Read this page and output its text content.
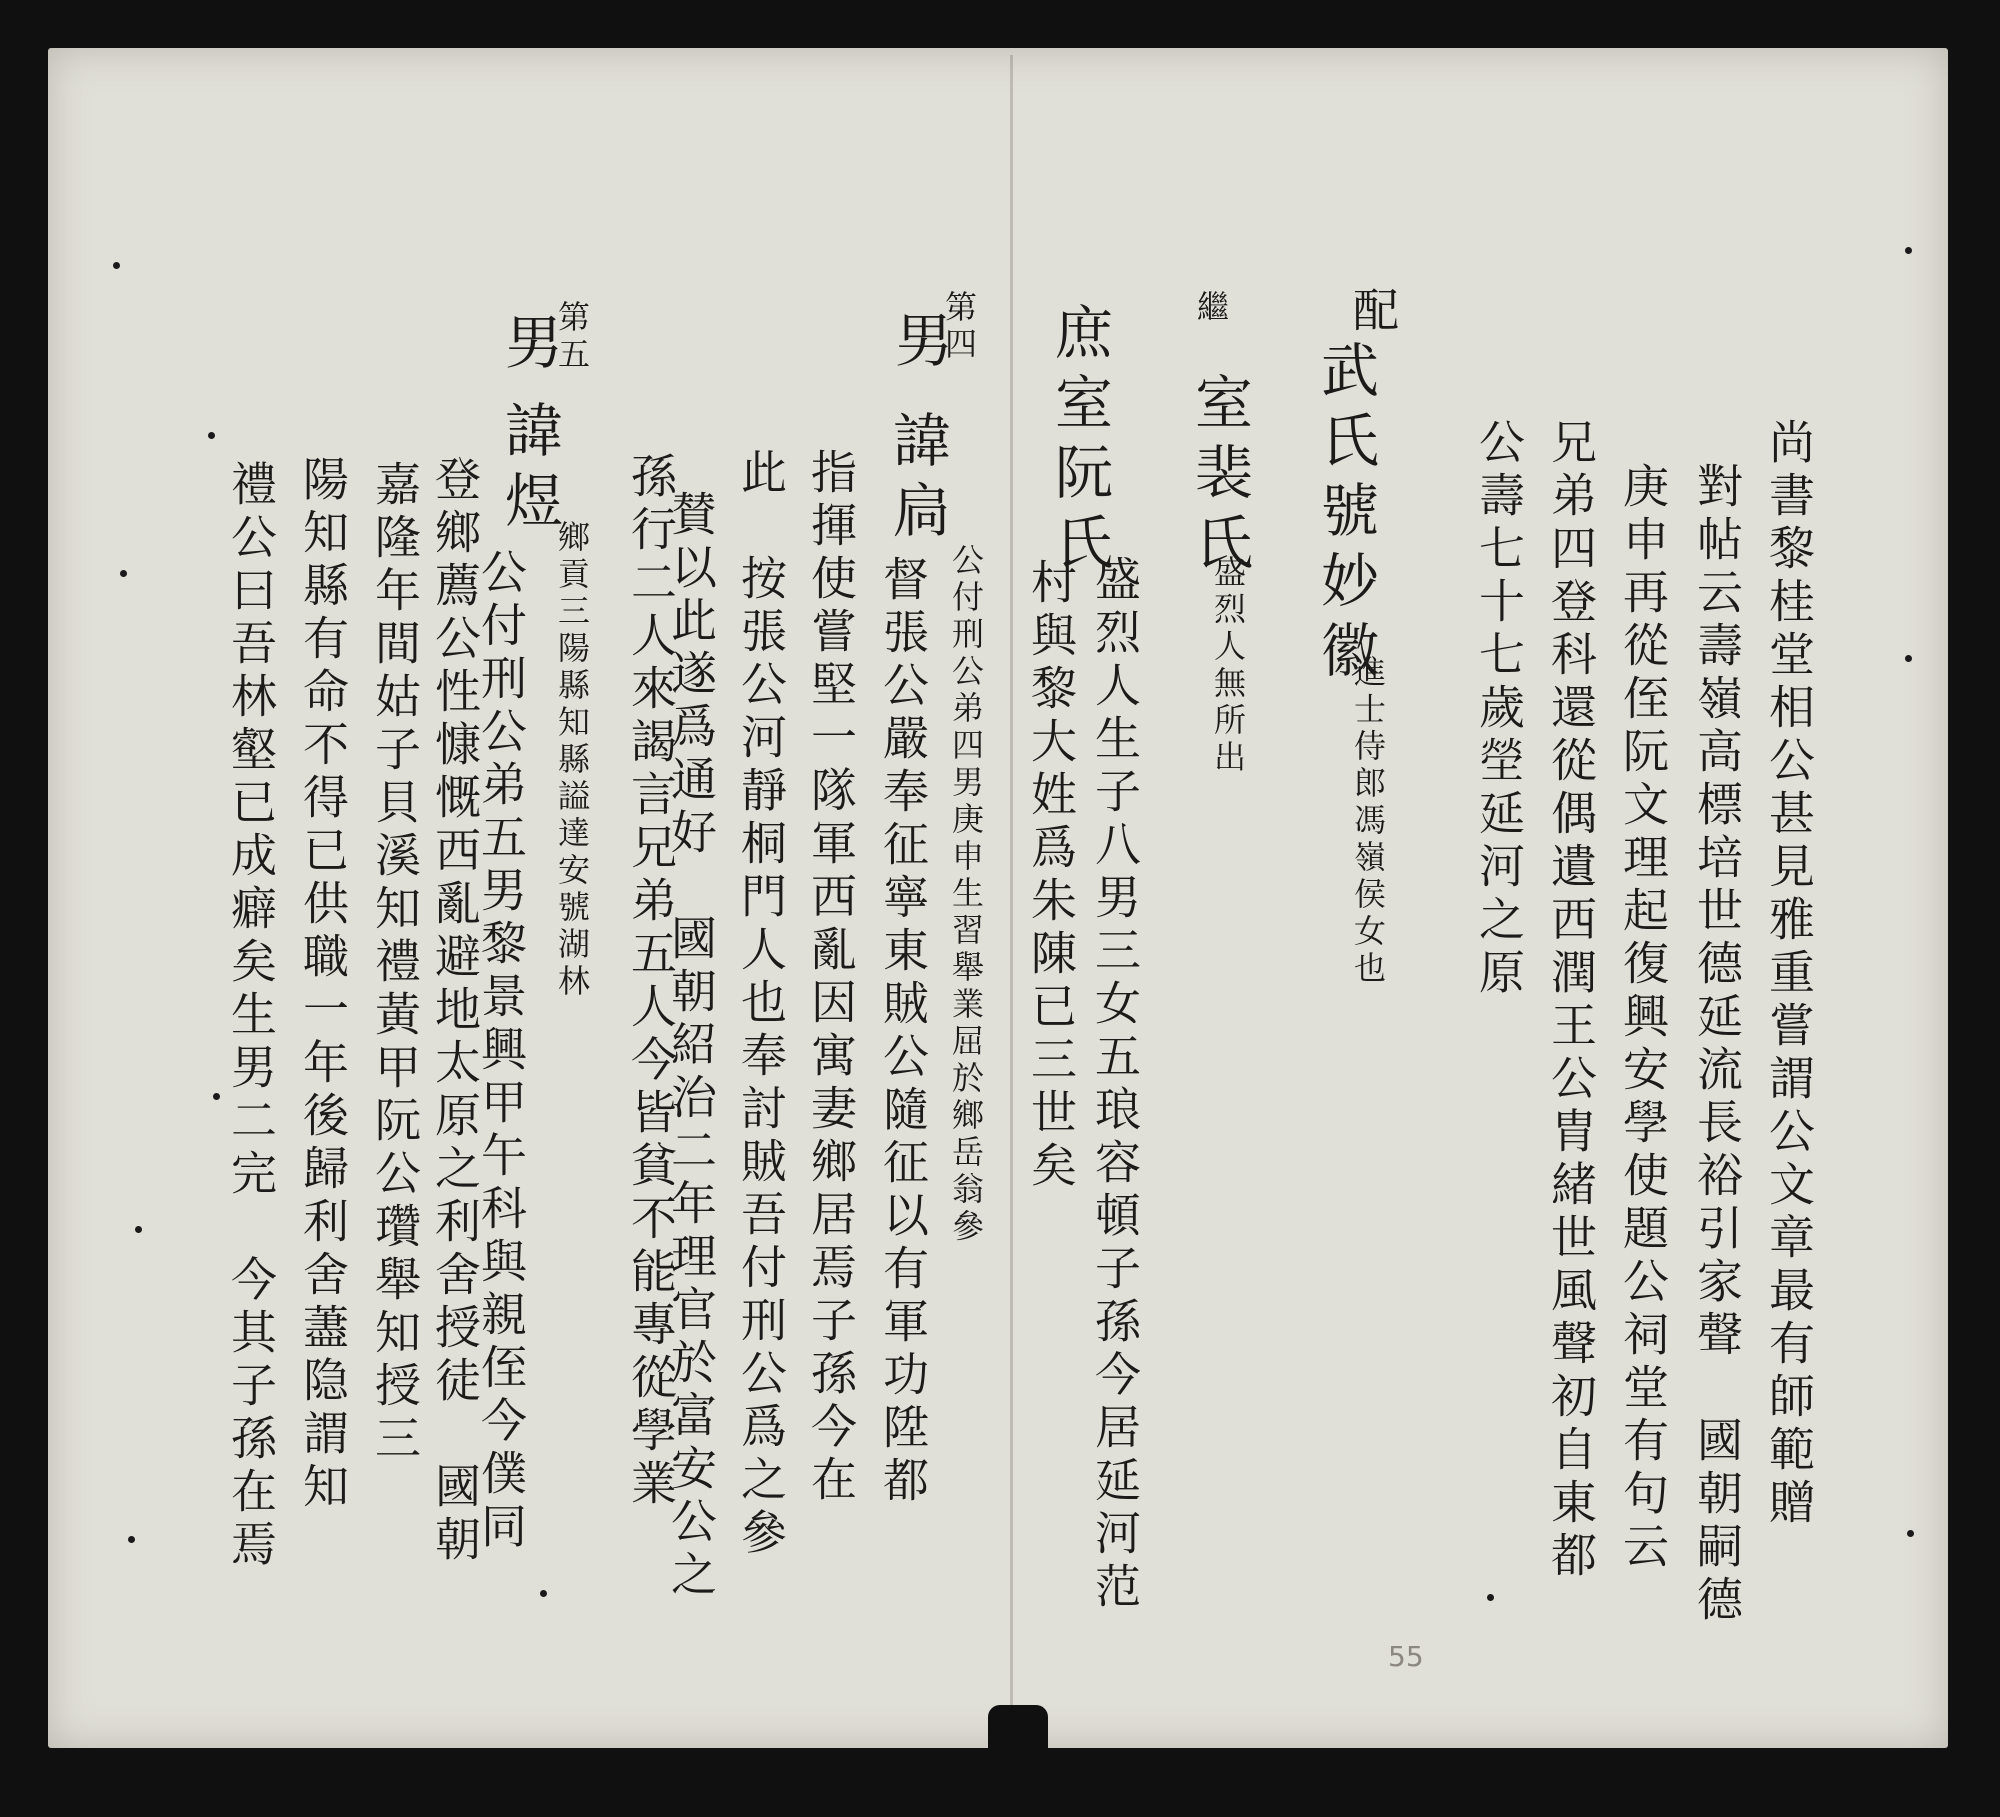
尚書黎桂堂相公甚見雅重嘗謂公文章最有師範贈
對帖云壽嶺高標培世德延流長裕引家聲　國朝嗣德
庚申再從侄阮文理起復興安學使題公祠堂有句云
兄弟四登科還從偶遺西潤王公胄緒世風聲初自東都
公壽七十七歲塋延河之原
配
武氏號妙徽
進士侍郎馮嶺侯女也
繼
室裴氏
盛烈人無所出
庶室阮氏
盛烈人生子八男三女五琅容頓子孫今居延河范
村與黎大姓爲朱陳已三世矣
第四
男
諱扃
公付刑公弟四男庚申生習舉業屈於鄉岳翁參
督張公嚴奉征寧東賊公隨征以有軍功陞都
指揮使嘗堅一隊軍西亂因寓妻鄉居焉子孫今在
此　按張公河靜桐門人也奉討賊吾付刑公爲之參
賛以此遂爲通好　國朝紹治二年理官於富安公之
孫行二人來謁言兄弟五人今皆貧不能專從學業
第五
男
諱煜
鄉貢三陽縣知縣謚達安號湖林
公付刑公弟五男黎景興甲午科與親侄今僕同
登鄉薦公性慷慨西亂避地太原之利舍授徒　國朝
嘉隆年間姑子貝溪知禮黃甲阮公瓚舉知授三
陽知縣有命不得已供職一年後歸利舍藎隐謂知
禮公曰吾林壑已成癖矣生男二完　今其子孫在焉
55
